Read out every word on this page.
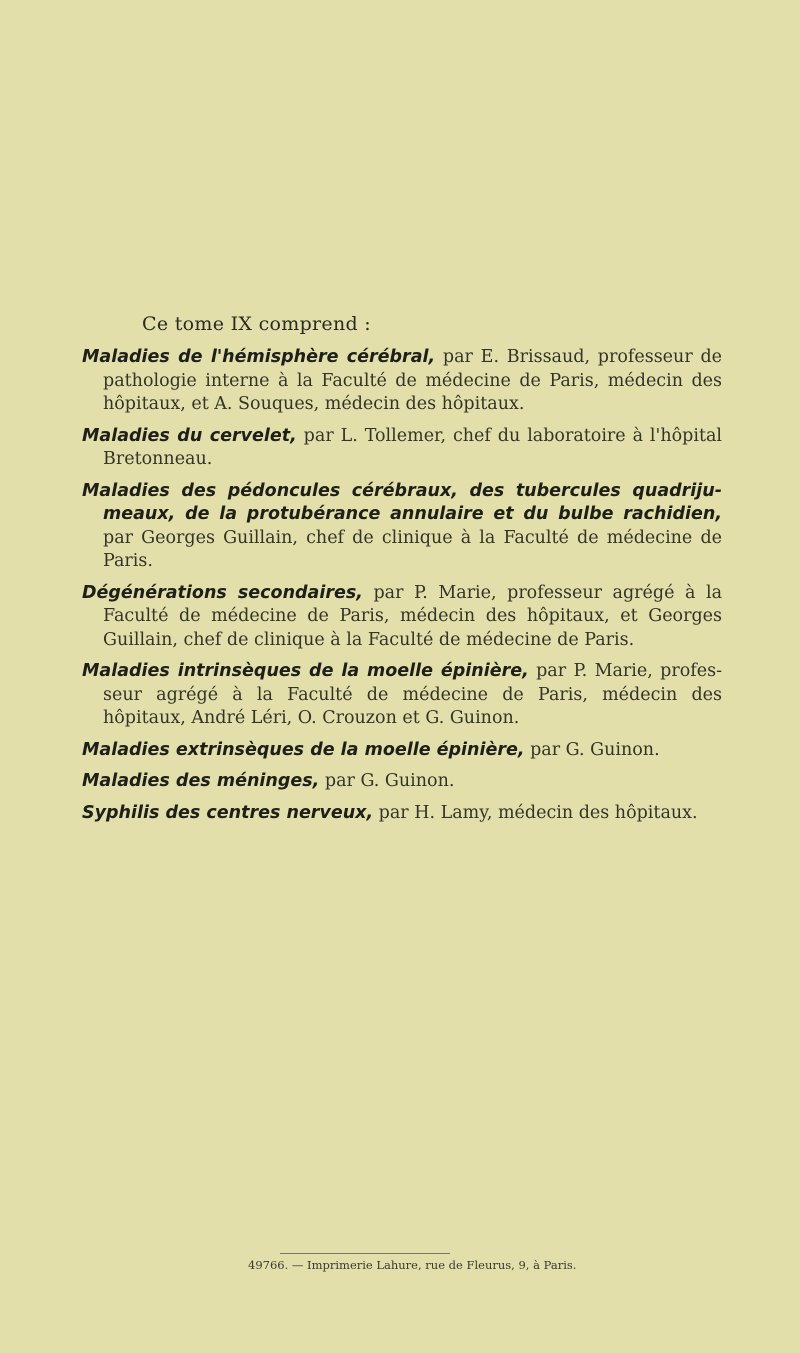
Ce tome IX comprend :

Maladies de l'hémisphère cérébral, par E. Brissaud, professeur de pathologie interne à la Faculté de médecine de Paris, médecin des hôpitaux, et A. Souques, médecin des hôpitaux.

Maladies du cervelet, par L. Tollemer, chef du laboratoire à l'hôpital Bretonneau.

Maladies des pédoncules cérébraux, des tubercules quadriju-meaux, de la protubérance annulaire et du bulbe rachidien, par Georges Guillain, chef de clinique à la Faculté de médecine de Paris.

Dégénérations secondaires, par P. Marie, professeur agrégé à la Faculté de médecine de Paris, médecin des hôpitaux, et Georges Guillain, chef de clinique à la Faculté de médecine de Paris.

Maladies intrinsèques de la moelle épinière, par P. Marie, profes-seur agrégé à la Faculté de médecine de Paris, médecin des hôpitaux, André Léri, O. Crouzon et G. Guinon.

Maladies extrinsèques de la moelle épinière, par G. Guinon.

Maladies des méninges, par G. Guinon.

Syphilis des centres nerveux, par H. Lamy, médecin des hôpitaux.

49766. — Imprimerie Lahure, rue de Fleurus, 9, à Paris.
